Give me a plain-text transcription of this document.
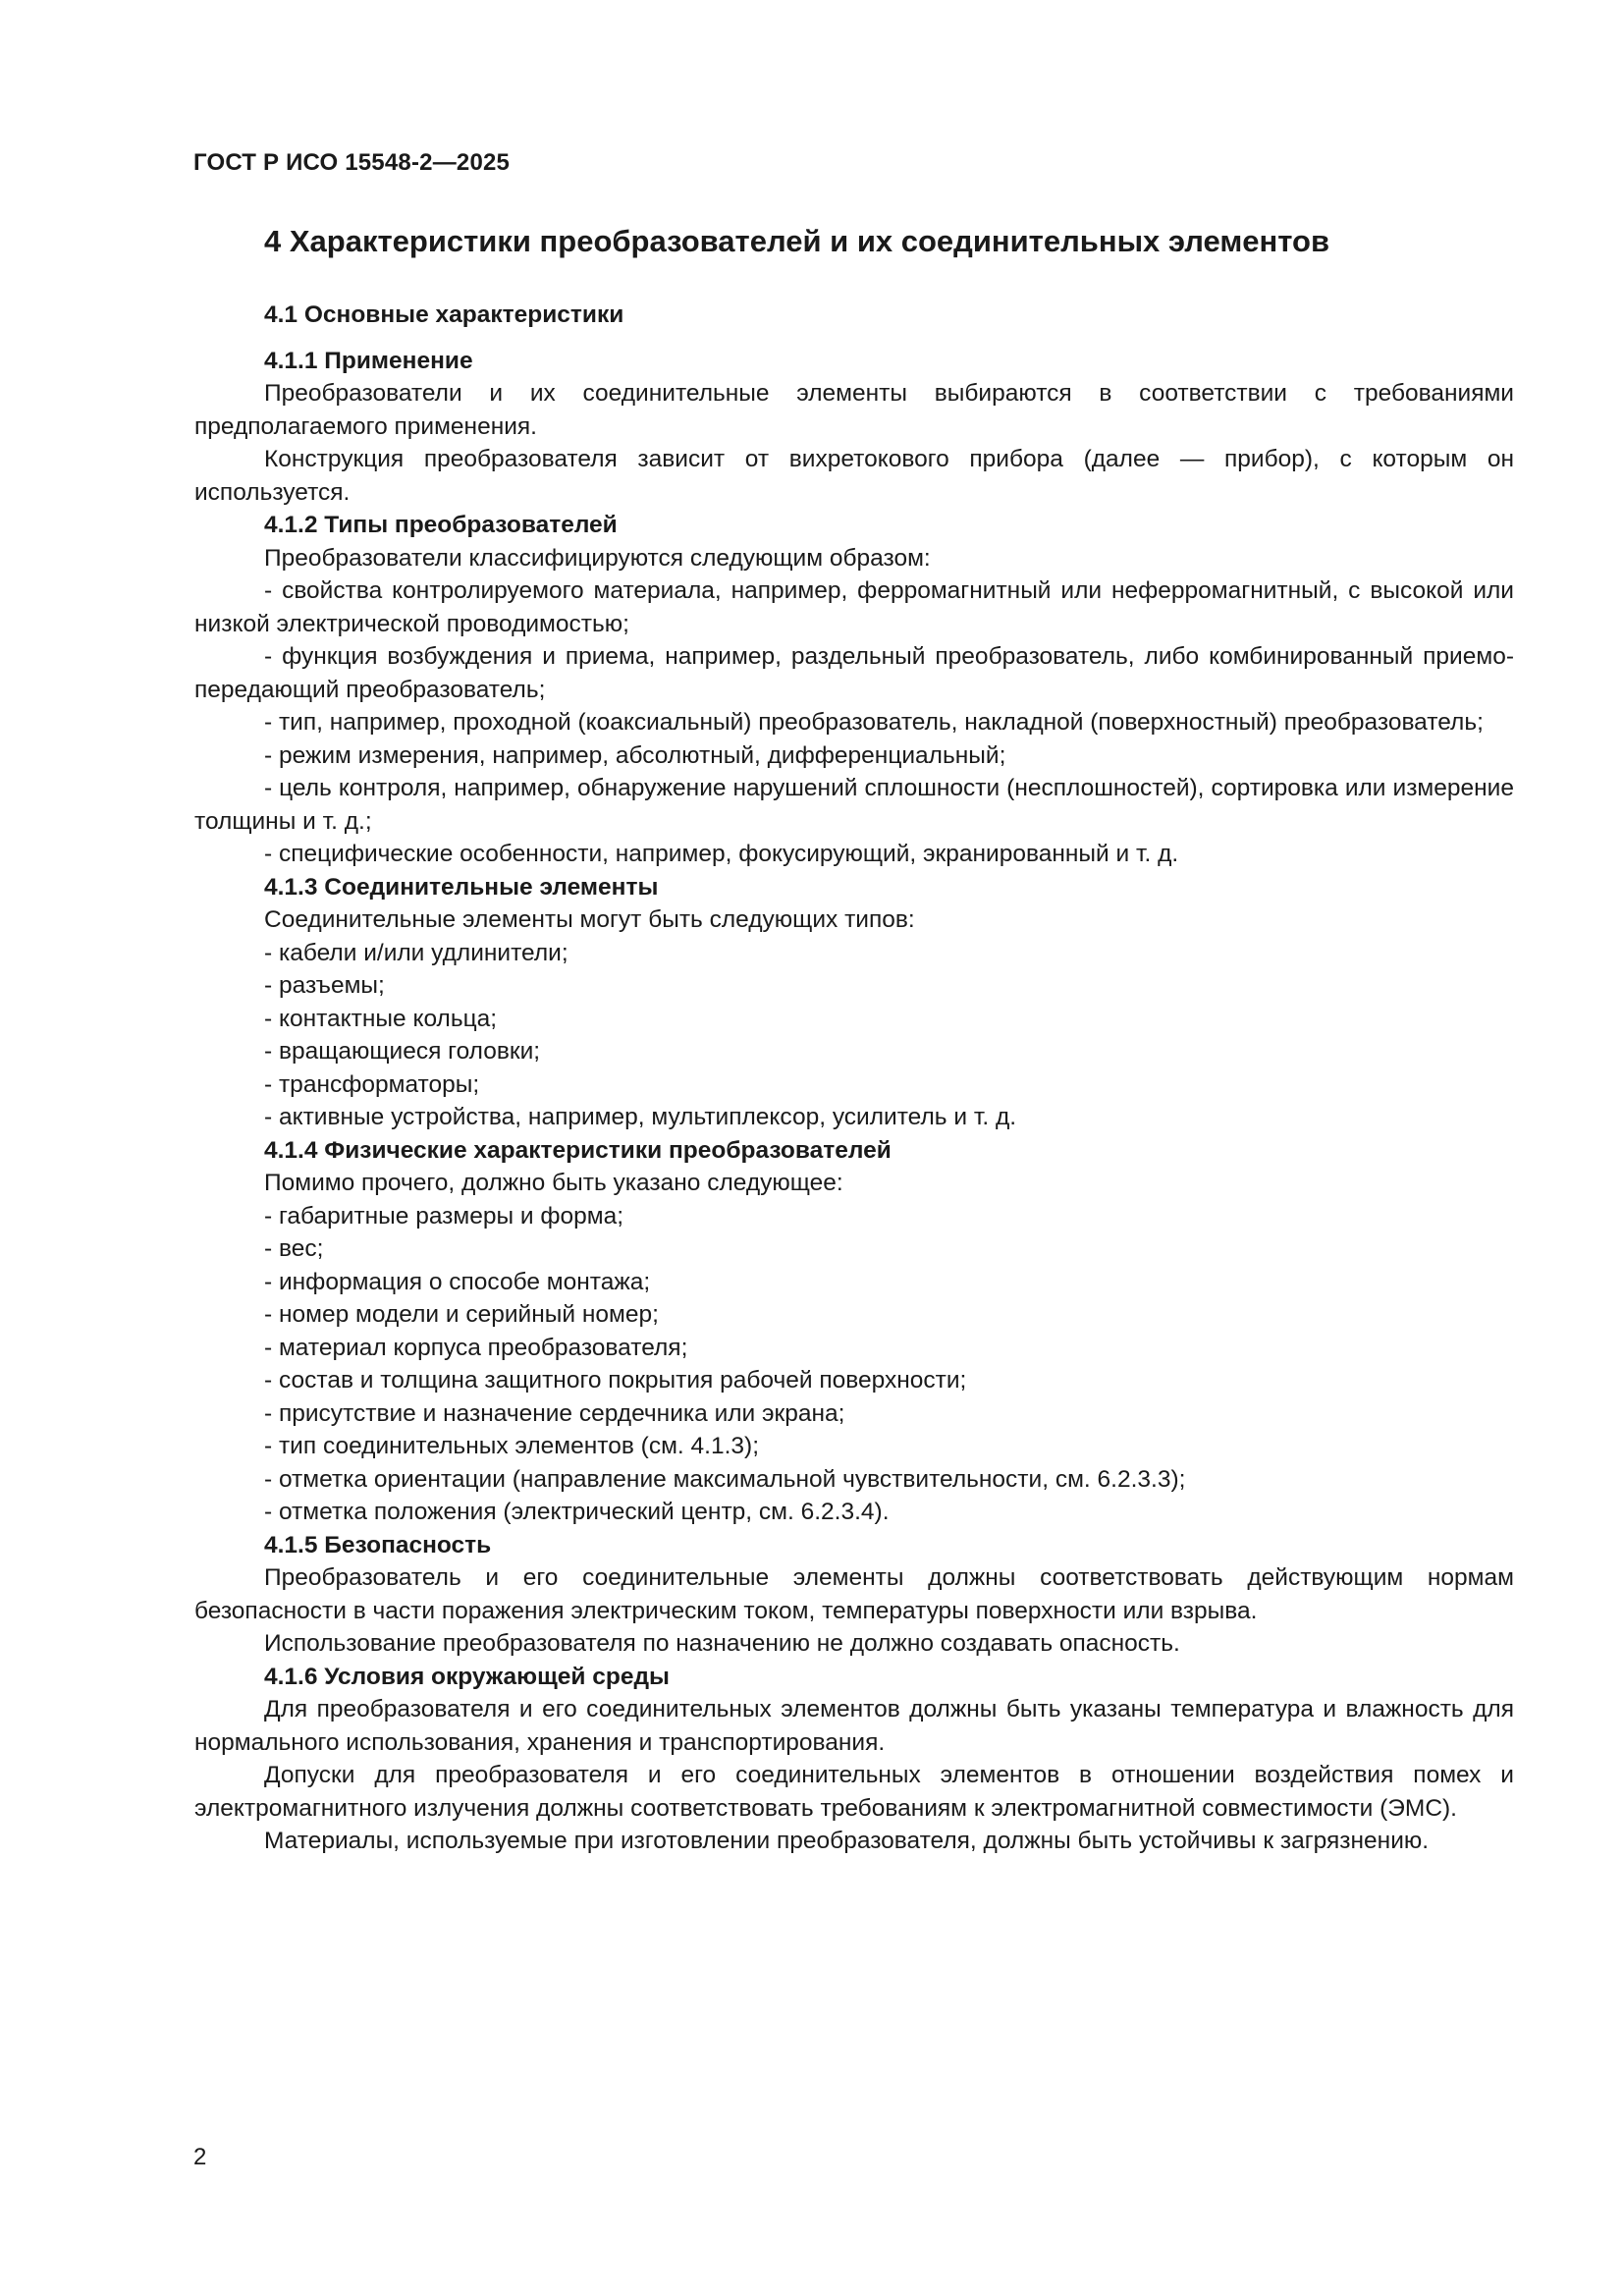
ГОСТ Р ИСО 15548-2—2025
4 Характеристики преобразователей и их соединительных элементов
4.1 Основные характеристики
4.1.1 Применение
Преобразователи и их соединительные элементы выбираются в соответствии с требованиями предполагаемого применения.
Конструкция преобразователя зависит от вихретокового прибора (далее — прибор), с которым он используется.
4.1.2 Типы преобразователей
Преобразователи классифицируются следующим образом:
- свойства контролируемого материала, например, ферромагнитный или неферромагнитный, с высокой или низкой электрической проводимостью;
- функция возбуждения и приема, например, раздельный преобразователь, либо комбинированный приемо-передающий преобразователь;
- тип, например, проходной (коаксиальный) преобразователь, накладной (поверхностный) преобразователь;
- режим измерения, например, абсолютный, дифференциальный;
- цель контроля, например, обнаружение нарушений сплошности (несплошностей), сортировка или измерение толщины и т. д.;
- специфические особенности, например, фокусирующий, экранированный и т. д.
4.1.3 Соединительные элементы
Соединительные элементы могут быть следующих типов:
- кабели и/или удлинители;
- разъемы;
- контактные кольца;
- вращающиеся головки;
- трансформаторы;
- активные устройства, например, мультиплексор, усилитель и т. д.
4.1.4 Физические характеристики преобразователей
Помимо прочего, должно быть указано следующее:
- габаритные размеры и форма;
- вес;
- информация о способе монтажа;
- номер модели и серийный номер;
- материал корпуса преобразователя;
- состав и толщина защитного покрытия рабочей поверхности;
- присутствие и назначение сердечника или экрана;
- тип соединительных элементов (см. 4.1.3);
- отметка ориентации (направление максимальной чувствительности, см. 6.2.3.3);
- отметка положения (электрический центр, см. 6.2.3.4).
4.1.5 Безопасность
Преобразователь и его соединительные элементы должны соответствовать действующим нормам безопасности в части поражения электрическим током, температуры поверхности или взрыва.
Использование преобразователя по назначению не должно создавать опасность.
4.1.6 Условия окружающей среды
Для преобразователя и его соединительных элементов должны быть указаны температура и влажность для нормального использования, хранения и транспортирования.
Допуски для преобразователя и его соединительных элементов в отношении воздействия помех и электромагнитного излучения должны соответствовать требованиям к электромагнитной совместимости (ЭМС).
Материалы, используемые при изготовлении преобразователя, должны быть устойчивы к загрязнению.
2
